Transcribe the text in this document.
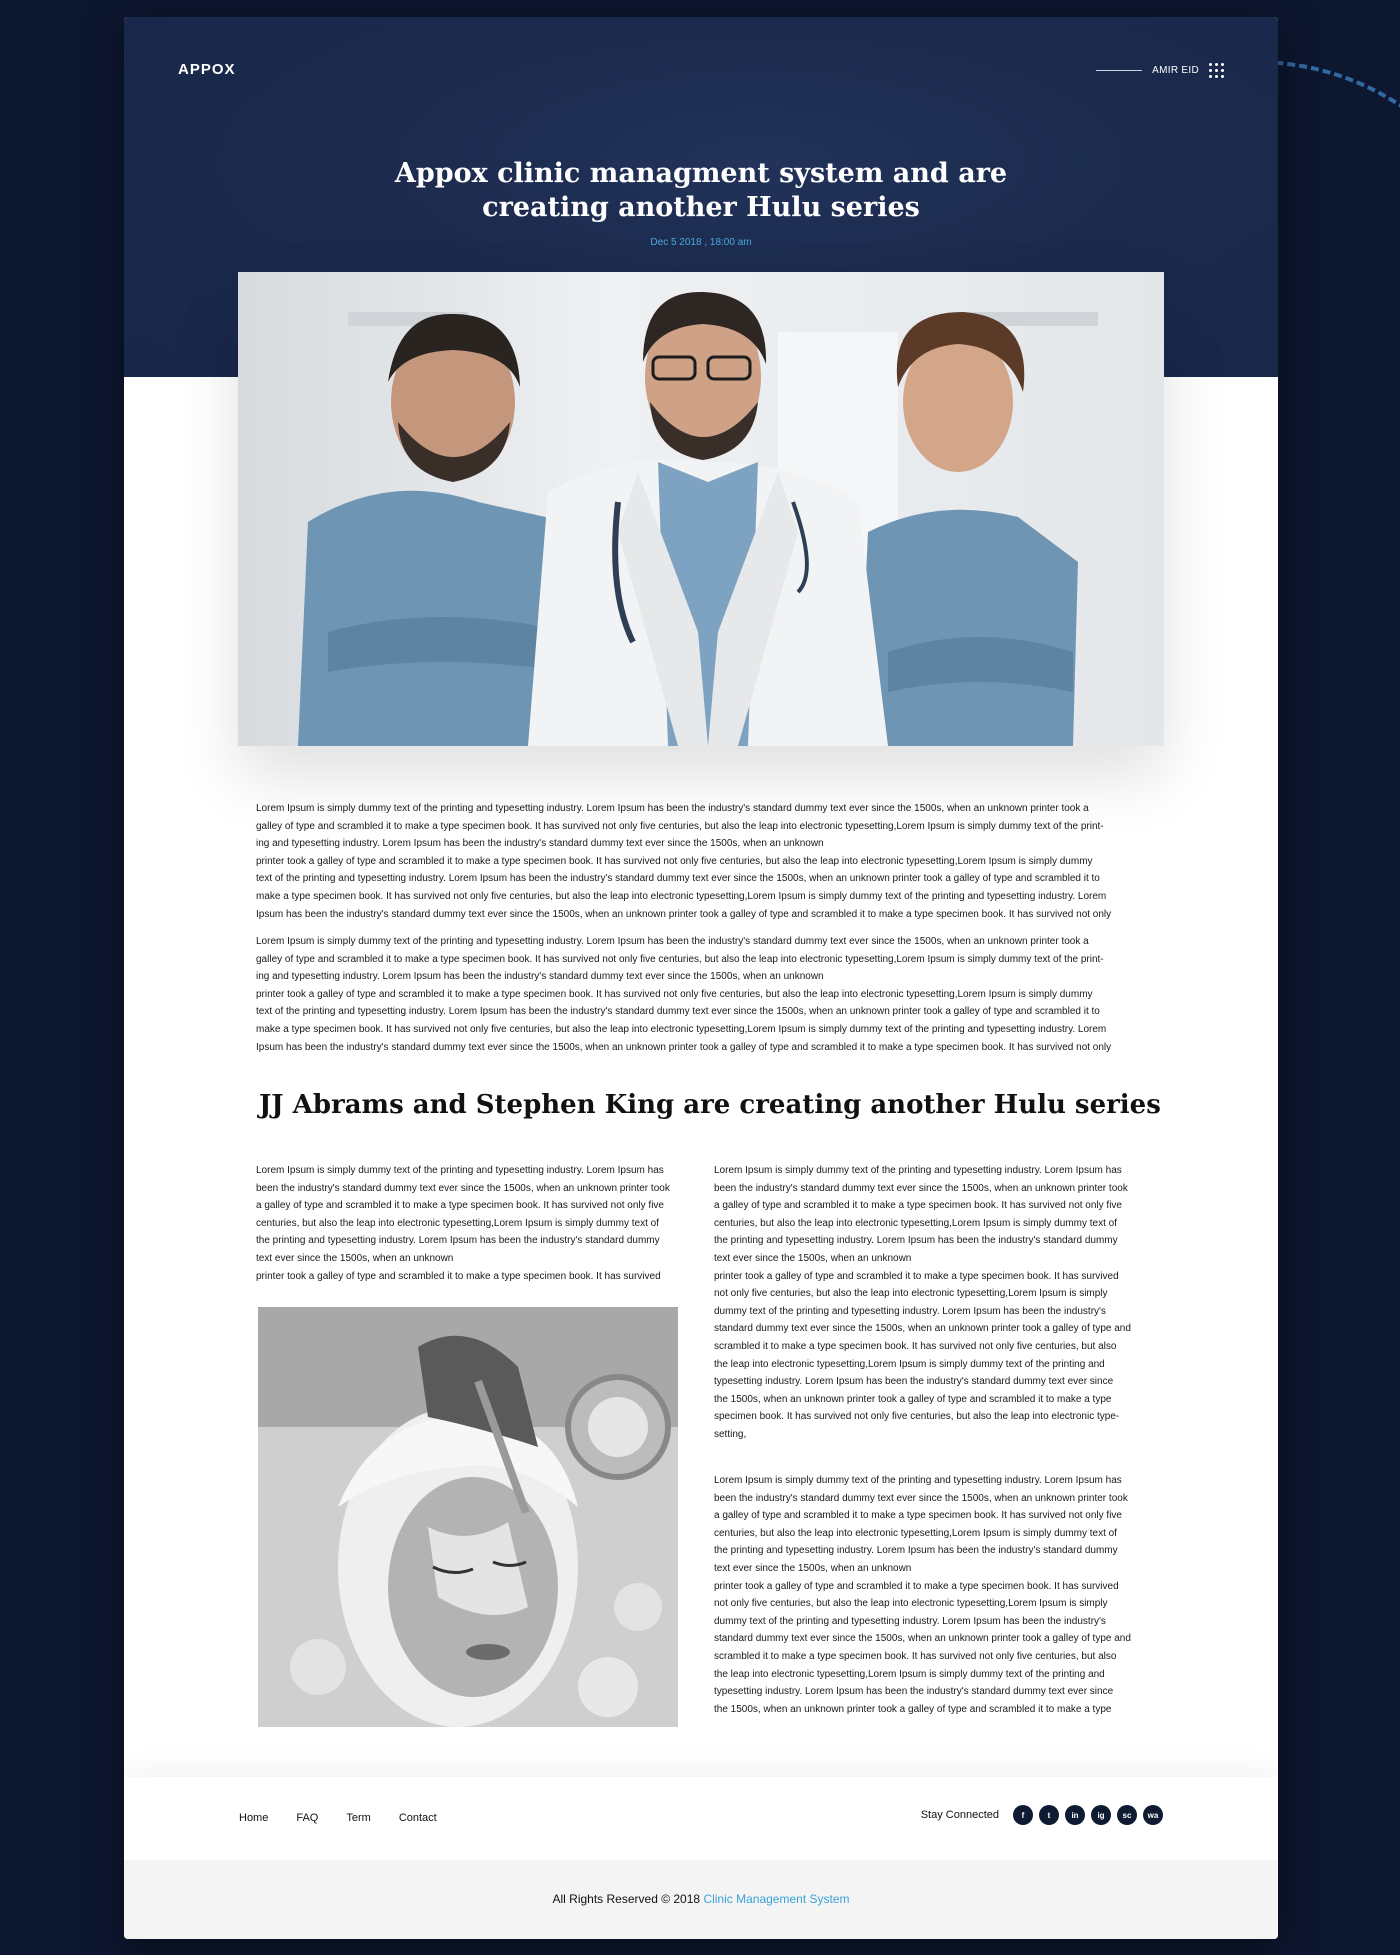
APPOX	AMIR EID
Appox clinic managment system and are
creating another Hulu series
Dec 5 2018 , 18:00 am
Lorem Ipsum is simply dummy text of the printing and typesetting industry. Lorem Ipsum has been the industry's standard dummy text ever since the 1500s, when an unknown printer took a
galley of type and scrambled it to make a type specimen book. It has survived not only five centuries, but also the leap into electronic typesetting,Lorem Ipsum is simply dummy text of the print-
ing and typesetting industry. Lorem Ipsum has been the industry's standard dummy text ever since the 1500s, when an unknown
printer took a galley of type and scrambled it to make a type specimen book. It has survived not only five centuries, but also the leap into electronic typesetting,Lorem Ipsum is simply dummy
text of the printing and typesetting industry. Lorem Ipsum has been the industry's standard dummy text ever since the 1500s, when an unknown printer took a galley of type and scrambled it to
make a type specimen book. It has survived not only five centuries, but also the leap into electronic typesetting,Lorem Ipsum is simply dummy text of the printing and typesetting industry. Lorem
Ipsum has been the industry's standard dummy text ever since the 1500s, when an unknown printer took a galley of type and scrambled it to make a type specimen book. It has survived not only
Lorem Ipsum is simply dummy text of the printing and typesetting industry. Lorem Ipsum has been the industry's standard dummy text ever since the 1500s, when an unknown printer took a
galley of type and scrambled it to make a type specimen book. It has survived not only five centuries, but also the leap into electronic typesetting,Lorem Ipsum is simply dummy text of the print-
ing and typesetting industry. Lorem Ipsum has been the industry's standard dummy text ever since the 1500s, when an unknown
printer took a galley of type and scrambled it to make a type specimen book. It has survived not only five centuries, but also the leap into electronic typesetting,Lorem Ipsum is simply dummy
text of the printing and typesetting industry. Lorem Ipsum has been the industry's standard dummy text ever since the 1500s, when an unknown printer took a galley of type and scrambled it to
make a type specimen book. It has survived not only five centuries, but also the leap into electronic typesetting,Lorem Ipsum is simply dummy text of the printing and typesetting industry. Lorem
Ipsum has been the industry's standard dummy text ever since the 1500s, when an unknown printer took a galley of type and scrambled it to make a type specimen book. It has survived not only
JJ Abrams and Stephen King are creating another Hulu series
Lorem Ipsum is simply dummy text of the printing and typesetting industry. Lorem Ipsum has
been the industry's standard dummy text ever since the 1500s, when an unknown printer took
a galley of type and scrambled it to make a type specimen book. It has survived not only five
centuries, but also the leap into electronic typesetting,Lorem Ipsum is simply dummy text of
the printing and typesetting industry. Lorem Ipsum has been the industry's standard dummy
text ever since the 1500s, when an unknown
printer took a galley of type and scrambled it to make a type specimen book. It has survived
Lorem Ipsum is simply dummy text of the printing and typesetting industry. Lorem Ipsum has
been the industry's standard dummy text ever since the 1500s, when an unknown printer took
a galley of type and scrambled it to make a type specimen book. It has survived not only five
centuries, but also the leap into electronic typesetting,Lorem Ipsum is simply dummy text of
the printing and typesetting industry. Lorem Ipsum has been the industry's standard dummy
text ever since the 1500s, when an unknown
printer took a galley of type and scrambled it to make a type specimen book. It has survived
not only five centuries, but also the leap into electronic typesetting,Lorem Ipsum is simply
dummy text of the printing and typesetting industry. Lorem Ipsum has been the industry's
standard dummy text ever since the 1500s, when an unknown printer took a galley of type and
scrambled it to make a type specimen book. It has survived not only five centuries, but also
the leap into electronic typesetting,Lorem Ipsum is simply dummy text of the printing and
typesetting industry. Lorem Ipsum has been the industry's standard dummy text ever since
the 1500s, when an unknown printer took a galley of type and scrambled it to make a type
specimen book. It has survived not only five centuries, but also the leap into electronic type-
setting,
Lorem Ipsum is simply dummy text of the printing and typesetting industry. Lorem Ipsum has
been the industry's standard dummy text ever since the 1500s, when an unknown printer took
a galley of type and scrambled it to make a type specimen book. It has survived not only five
centuries, but also the leap into electronic typesetting,Lorem Ipsum is simply dummy text of
the printing and typesetting industry. Lorem Ipsum has been the industry's standard dummy
text ever since the 1500s, when an unknown
printer took a galley of type and scrambled it to make a type specimen book. It has survived
not only five centuries, but also the leap into electronic typesetting,Lorem Ipsum is simply
dummy text of the printing and typesetting industry. Lorem Ipsum has been the industry's
standard dummy text ever since the 1500s, when an unknown printer took a galley of type and
scrambled it to make a type specimen book. It has survived not only five centuries, but also
the leap into electronic typesetting,Lorem Ipsum is simply dummy text of the printing and
typesetting industry. Lorem Ipsum has been the industry's standard dummy text ever since
the 1500s, when an unknown printer took a galley of type and scrambled it to make a type
Home	FAQ	Term	Contact	Stay Connected	f	t	in	ig	sc	wa
All Rights Reserved © 2018 Clinic Management System
